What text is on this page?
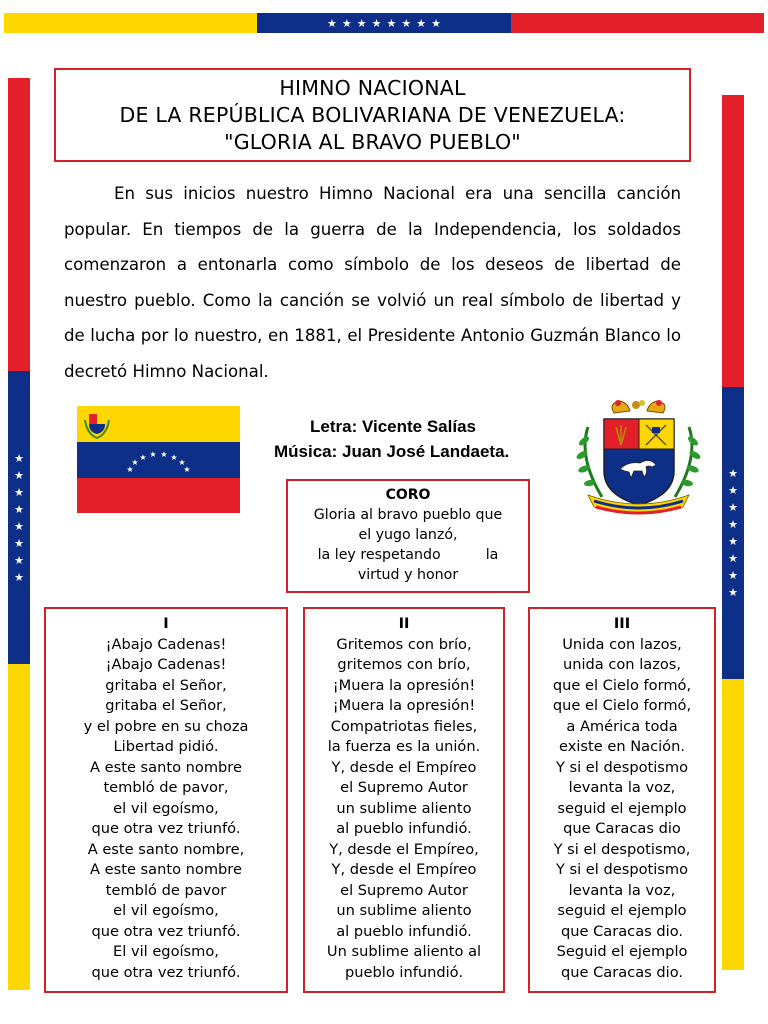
★ ★ ★ ★ ★ ★ ★ ★
★
★
★
★
★
★
★
★
★
★
★
★
★
★
★
★
HIMNO NACIONAL
DE LA REPÚBLICA BOLIVARIANA DE VENEZUELA:
"GLORIA AL BRAVO PUEBLO"

En sus inicios nuestro Himno Nacional era una sencilla canción popular. En tiempos de la guerra de la Independencia, los soldados comenzaron a entonarla como símbolo de los deseos de libertad de nuestro pueblo. Como la canción se volvió un real símbolo de libertad y de lucha por lo nuestro, en 1881, el Presidente Antonio Guzmán Blanco lo decretó Himno Nacional.

★
★
★ ★ ★ ★
★
★
Letra: Vicente Salías
Música: Juan José Landaeta.
CORO
Gloria al bravo pueblo que
el yugo lanzó,
la ley respetando          la
virtud y honor
I
¡Abajo Cadenas!
¡Abajo Cadenas!
gritaba el Señor,
gritaba el Señor,
y el pobre en su choza
Libertad pidió.
A este santo nombre
tembló de pavor,
el vil egoísmo,
que otra vez triunfó.
A este santo nombre,
A este santo nombre
tembló de pavor
el vil egoísmo,
que otra vez triunfó.
El vil egoísmo,
que otra vez triunfó.
II
Gritemos con brío,
gritemos con brío,
¡Muera la opresión!
¡Muera la opresión!
Compatriotas fieles,
la fuerza es la unión.
Y, desde el Empíreo
el Supremo Autor
un sublime aliento
al pueblo infundió.
Y, desde el Empíreo,
Y, desde el Empíreo
el Supremo Autor
un sublime aliento
al pueblo infundió.
Un sublime aliento al
pueblo infundió.
III
Unida con lazos,
unida con lazos,
que el Cielo formó,
que el Cielo formó,
a América toda
existe en Nación.
Y si el despotismo
levanta la voz,
seguid el ejemplo
que Caracas dio
Y si el despotismo,
Y si el despotismo
levanta la voz,
seguid el ejemplo
que Caracas dio.
Seguid el ejemplo
que Caracas dio.
